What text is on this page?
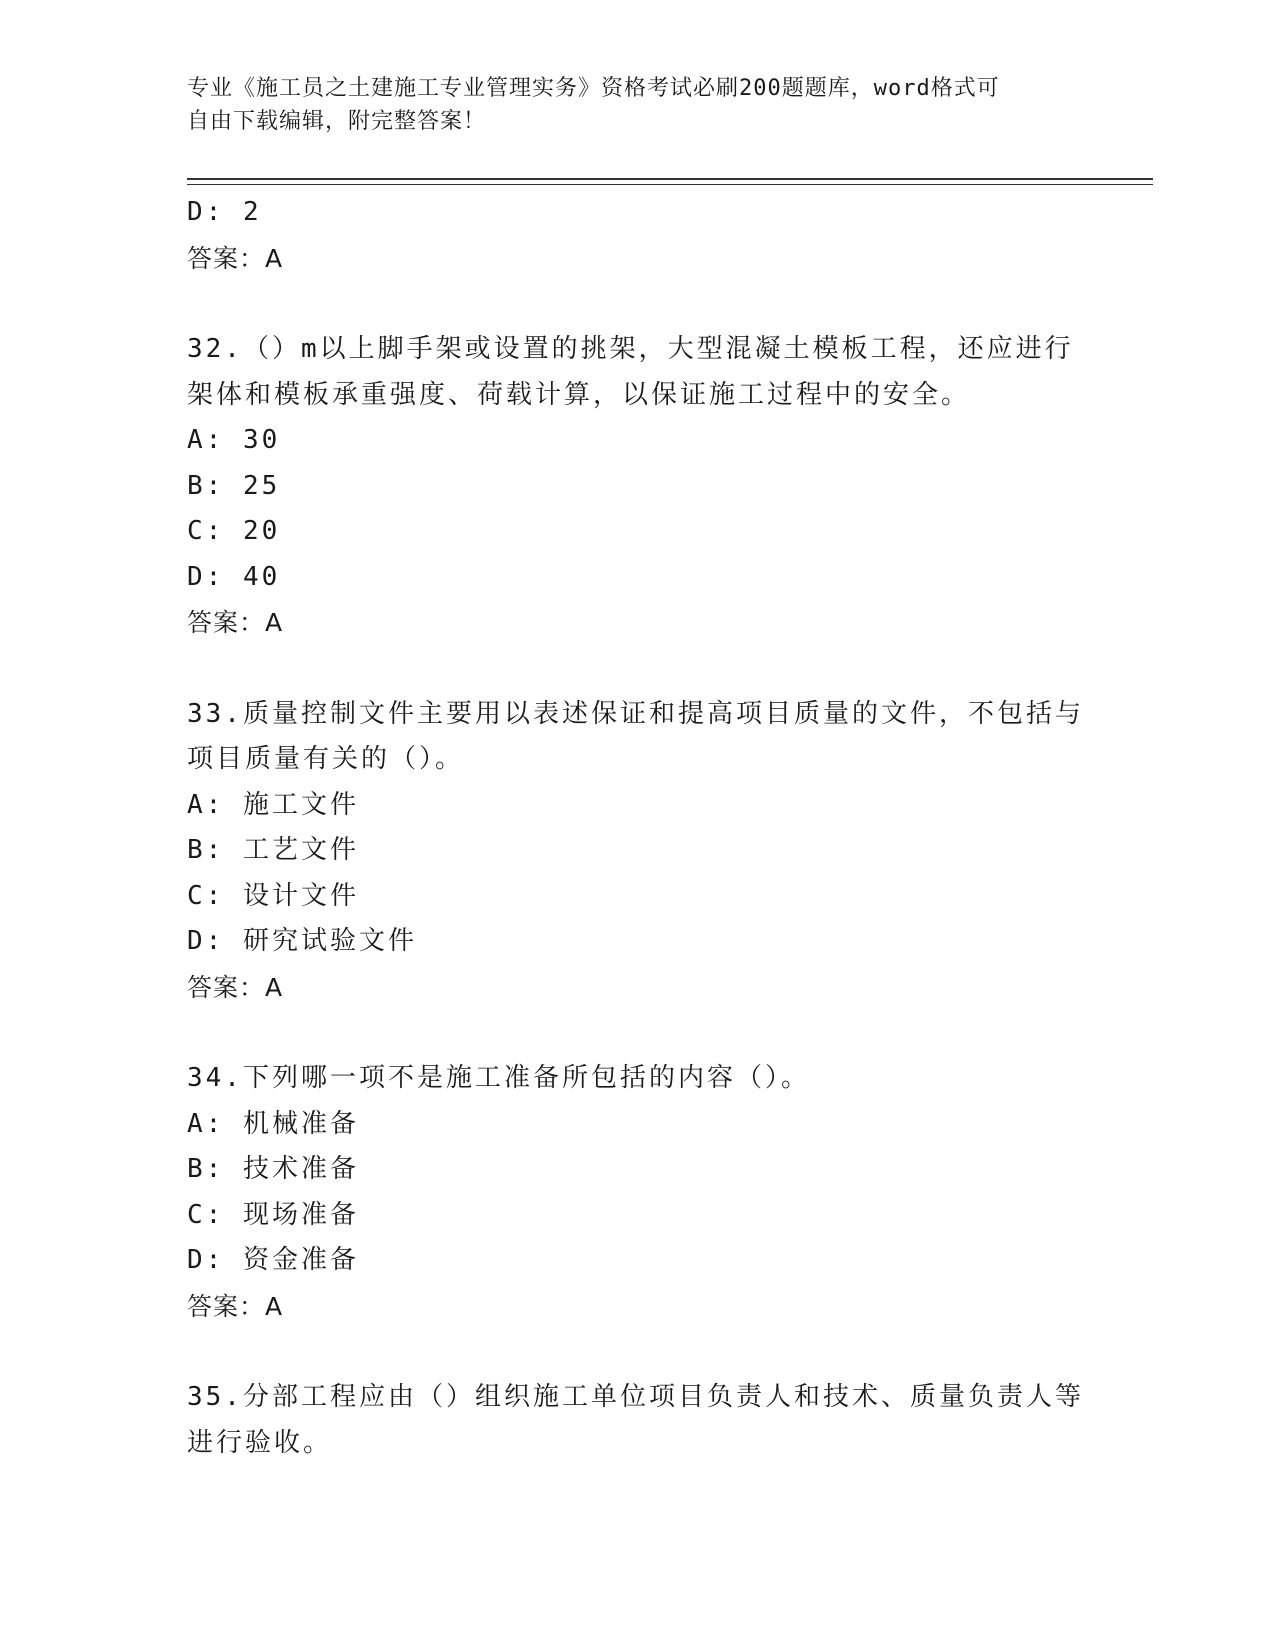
专业《施工员之土建施工专业管理实务》资格考试必刷200题题库，word格式可
自由下载编辑，附完整答案！
D: 2
答案：A
32.（）m以上脚手架或设置的挑架，大型混凝土模板工程，还应进行
架体和模板承重强度、荷载计算，以保证施工过程中的安全。
A: 30
B: 25
C: 20
D: 40
答案：A
33.质量控制文件主要用以表述保证和提高项目质量的文件，不包括与
项目质量有关的（）。
A: 施工文件
B: 工艺文件
C: 设计文件
D: 研究试验文件
答案：A
34.下列哪一项不是施工准备所包括的内容（）。
A: 机械准备
B: 技术准备
C: 现场准备
D: 资金准备
答案：A
35.分部工程应由（）组织施工单位项目负责人和技术、质量负责人等
进行验收。
